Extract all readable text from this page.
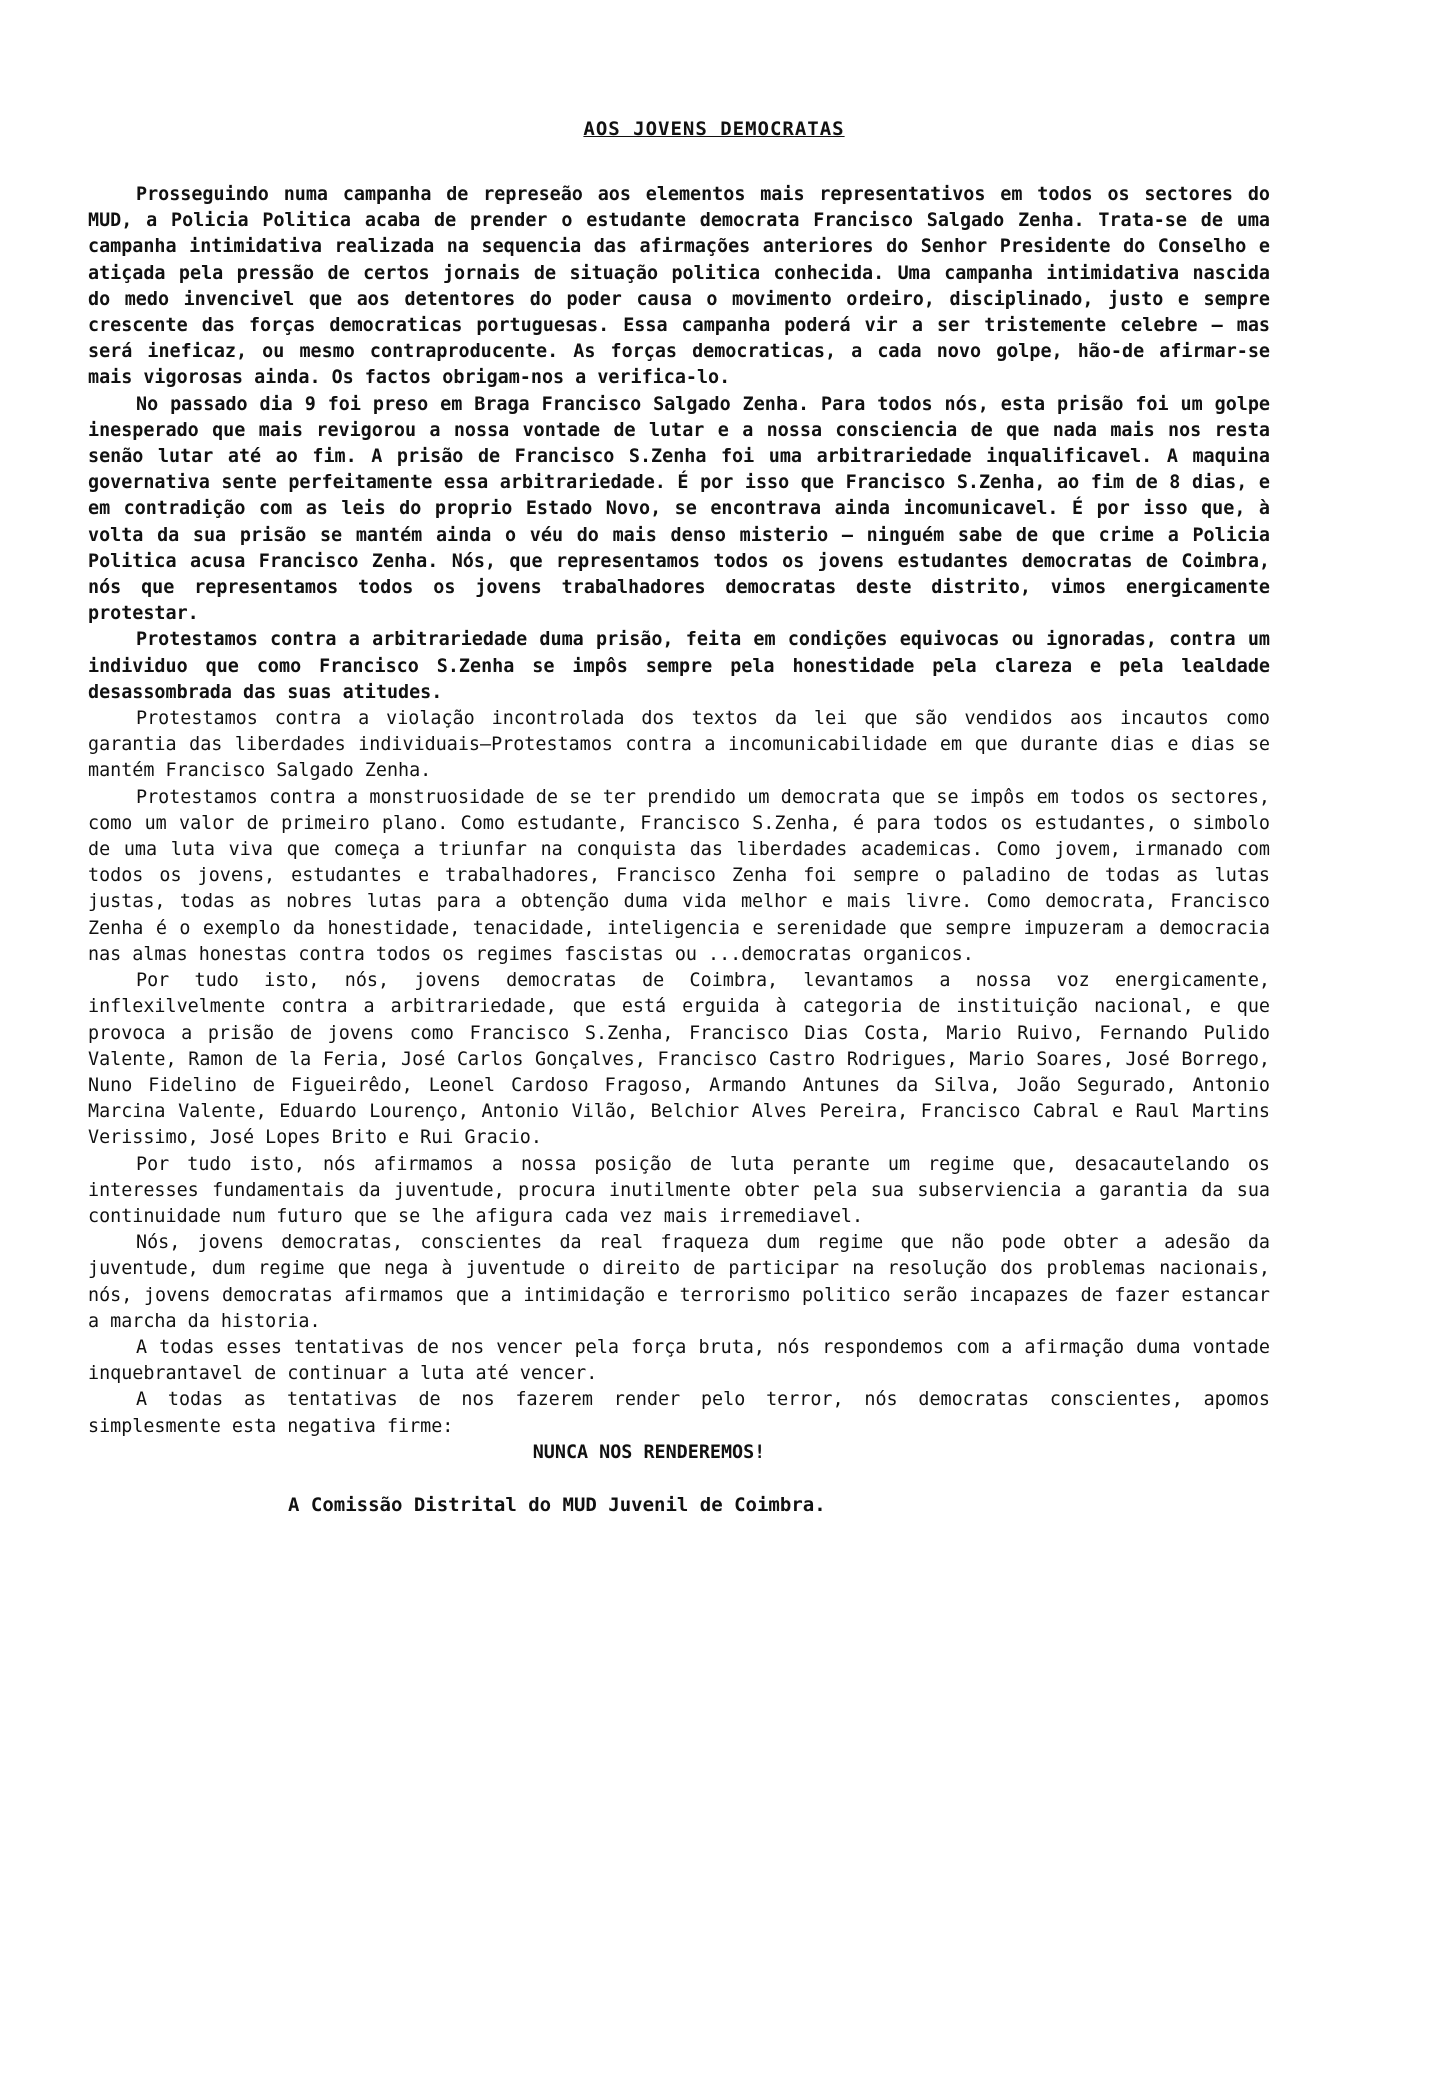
AOS JOVENS DEMOCRATAS

Prosseguindo numa campanha de represeão aos elementos mais representativos em todos os sectores do MUD, a Policia Politica acaba de prender o estudante democrata Francisco Salgado Zenha. Trata-se de uma campanha intimidativa realizada na sequencia das afirmações anteriores do Senhor Presidente do Conselho e atiçada pela pressão de certos jornais de situação politica conhecida. Uma campanha intimidativa nascida do medo invencivel que aos detentores do poder causa o movimento ordeiro, disciplinado, justo e sempre crescente das forças democraticas portuguesas. Essa campanha poderá vir a ser tristemente celebre — mas será ineficaz, ou mesmo contraproducente. As forças democraticas, a cada novo golpe, hão-de afirmar-se mais vigorosas ainda. Os factos obrigam-nos a verifica-lo.

No passado dia 9 foi preso em Braga Francisco Salgado Zenha. Para todos nós, esta prisão foi um golpe inesperado que mais revigorou a nossa vontade de lutar e a nossa consciencia de que nada mais nos resta senão lutar até ao fim. A prisão de Francisco S.Zenha foi uma arbitrariedade inqualificavel. A maquina governativa sente perfeitamente essa arbitrariedade. É por isso que Francisco S.Zenha, ao fim de 8 dias, e em contradição com as leis do proprio Estado Novo, se encontrava ainda incomunicavel. É por isso que, à volta da sua prisão se mantém ainda o véu do mais denso misterio — ninguém sabe de que crime a Policia Politica acusa Francisco Zenha. Nós, que representamos todos os jovens estudantes democratas de Coimbra, nós que representamos todos os jovens trabalhadores democratas deste distrito, vimos energicamente protestar.

Protestamos contra a arbitrariedade duma prisão, feita em condições equivocas ou ignoradas, contra um individuo que como Francisco S.Zenha se impôs sempre pela honestidade pela clareza e pela lealdade desassombrada das suas atitudes.

Protestamos contra a violação incontrolada dos textos da lei que são vendidos aos incautos como garantia das liberdades individuais—Protestamos contra a incomunicabilidade em que durante dias e dias se mantém Francisco Salgado Zenha.

Protestamos contra a monstruosidade de se ter prendido um democrata que se impôs em todos os sectores, como um valor de primeiro plano. Como estudante, Francisco S.Zenha, é para todos os estudantes, o simbolo de uma luta viva que começa a triunfar na conquista das liberdades academicas. Como jovem, irmanado com todos os jovens, estudantes e trabalhadores, Francisco Zenha foi sempre o paladino de todas as lutas justas, todas as nobres lutas para a obtenção duma vida melhor e mais livre. Como democrata, Francisco Zenha é o exemplo da honestidade, tenacidade, inteligencia e serenidade que sempre impuzeram a democracia nas almas honestas contra todos os regimes fascistas ou ...democratas organicos.

Por tudo isto, nós, jovens democratas de Coimbra, levantamos a nossa voz energicamente, inflexilvelmente contra a arbitrariedade, que está erguida à categoria de instituição nacional, e que provoca a prisão de jovens como Francisco S.Zenha, Francisco Dias Costa, Mario Ruivo, Fernando Pulido Valente, Ramon de la Feria, José Carlos Gonçalves, Francisco Castro Rodrigues, Mario Soares, José Borrego, Nuno Fidelino de Figueirêdo, Leonel Cardoso Fragoso, Armando Antunes da Silva, João Segurado, Antonio Marcina Valente, Eduardo Lourenço, Antonio Vilão, Belchior Alves Pereira, Francisco Cabral e Raul Martins Verissimo, José Lopes Brito e Rui Gracio.

Por tudo isto, nós afirmamos a nossa posição de luta perante um regime que, desacautelando os interesses fundamentais da juventude, procura inutilmente obter pela sua subserviencia a garantia da sua continuidade num futuro que se lhe afigura cada vez mais irremediavel.

Nós, jovens democratas, conscientes da real fraqueza dum regime que não pode obter a adesão da juventude, dum regime que nega à juventude o direito de participar na resolução dos problemas nacionais, nós, jovens democratas afirmamos que a intimidação e terrorismo politico serão incapazes de fazer estancar a marcha da historia.

A todas esses tentativas de nos vencer pela força bruta, nós respondemos com a afirmação duma vontade inquebrantavel de continuar a luta até vencer.

A todas as tentativas de nos fazerem render pelo terror, nós democratas conscientes, apomos simplesmente esta negativa firme:

NUNCA NOS RENDEREMOS!
A Comissão Distrital do MUD Juvenil de Coimbra.
